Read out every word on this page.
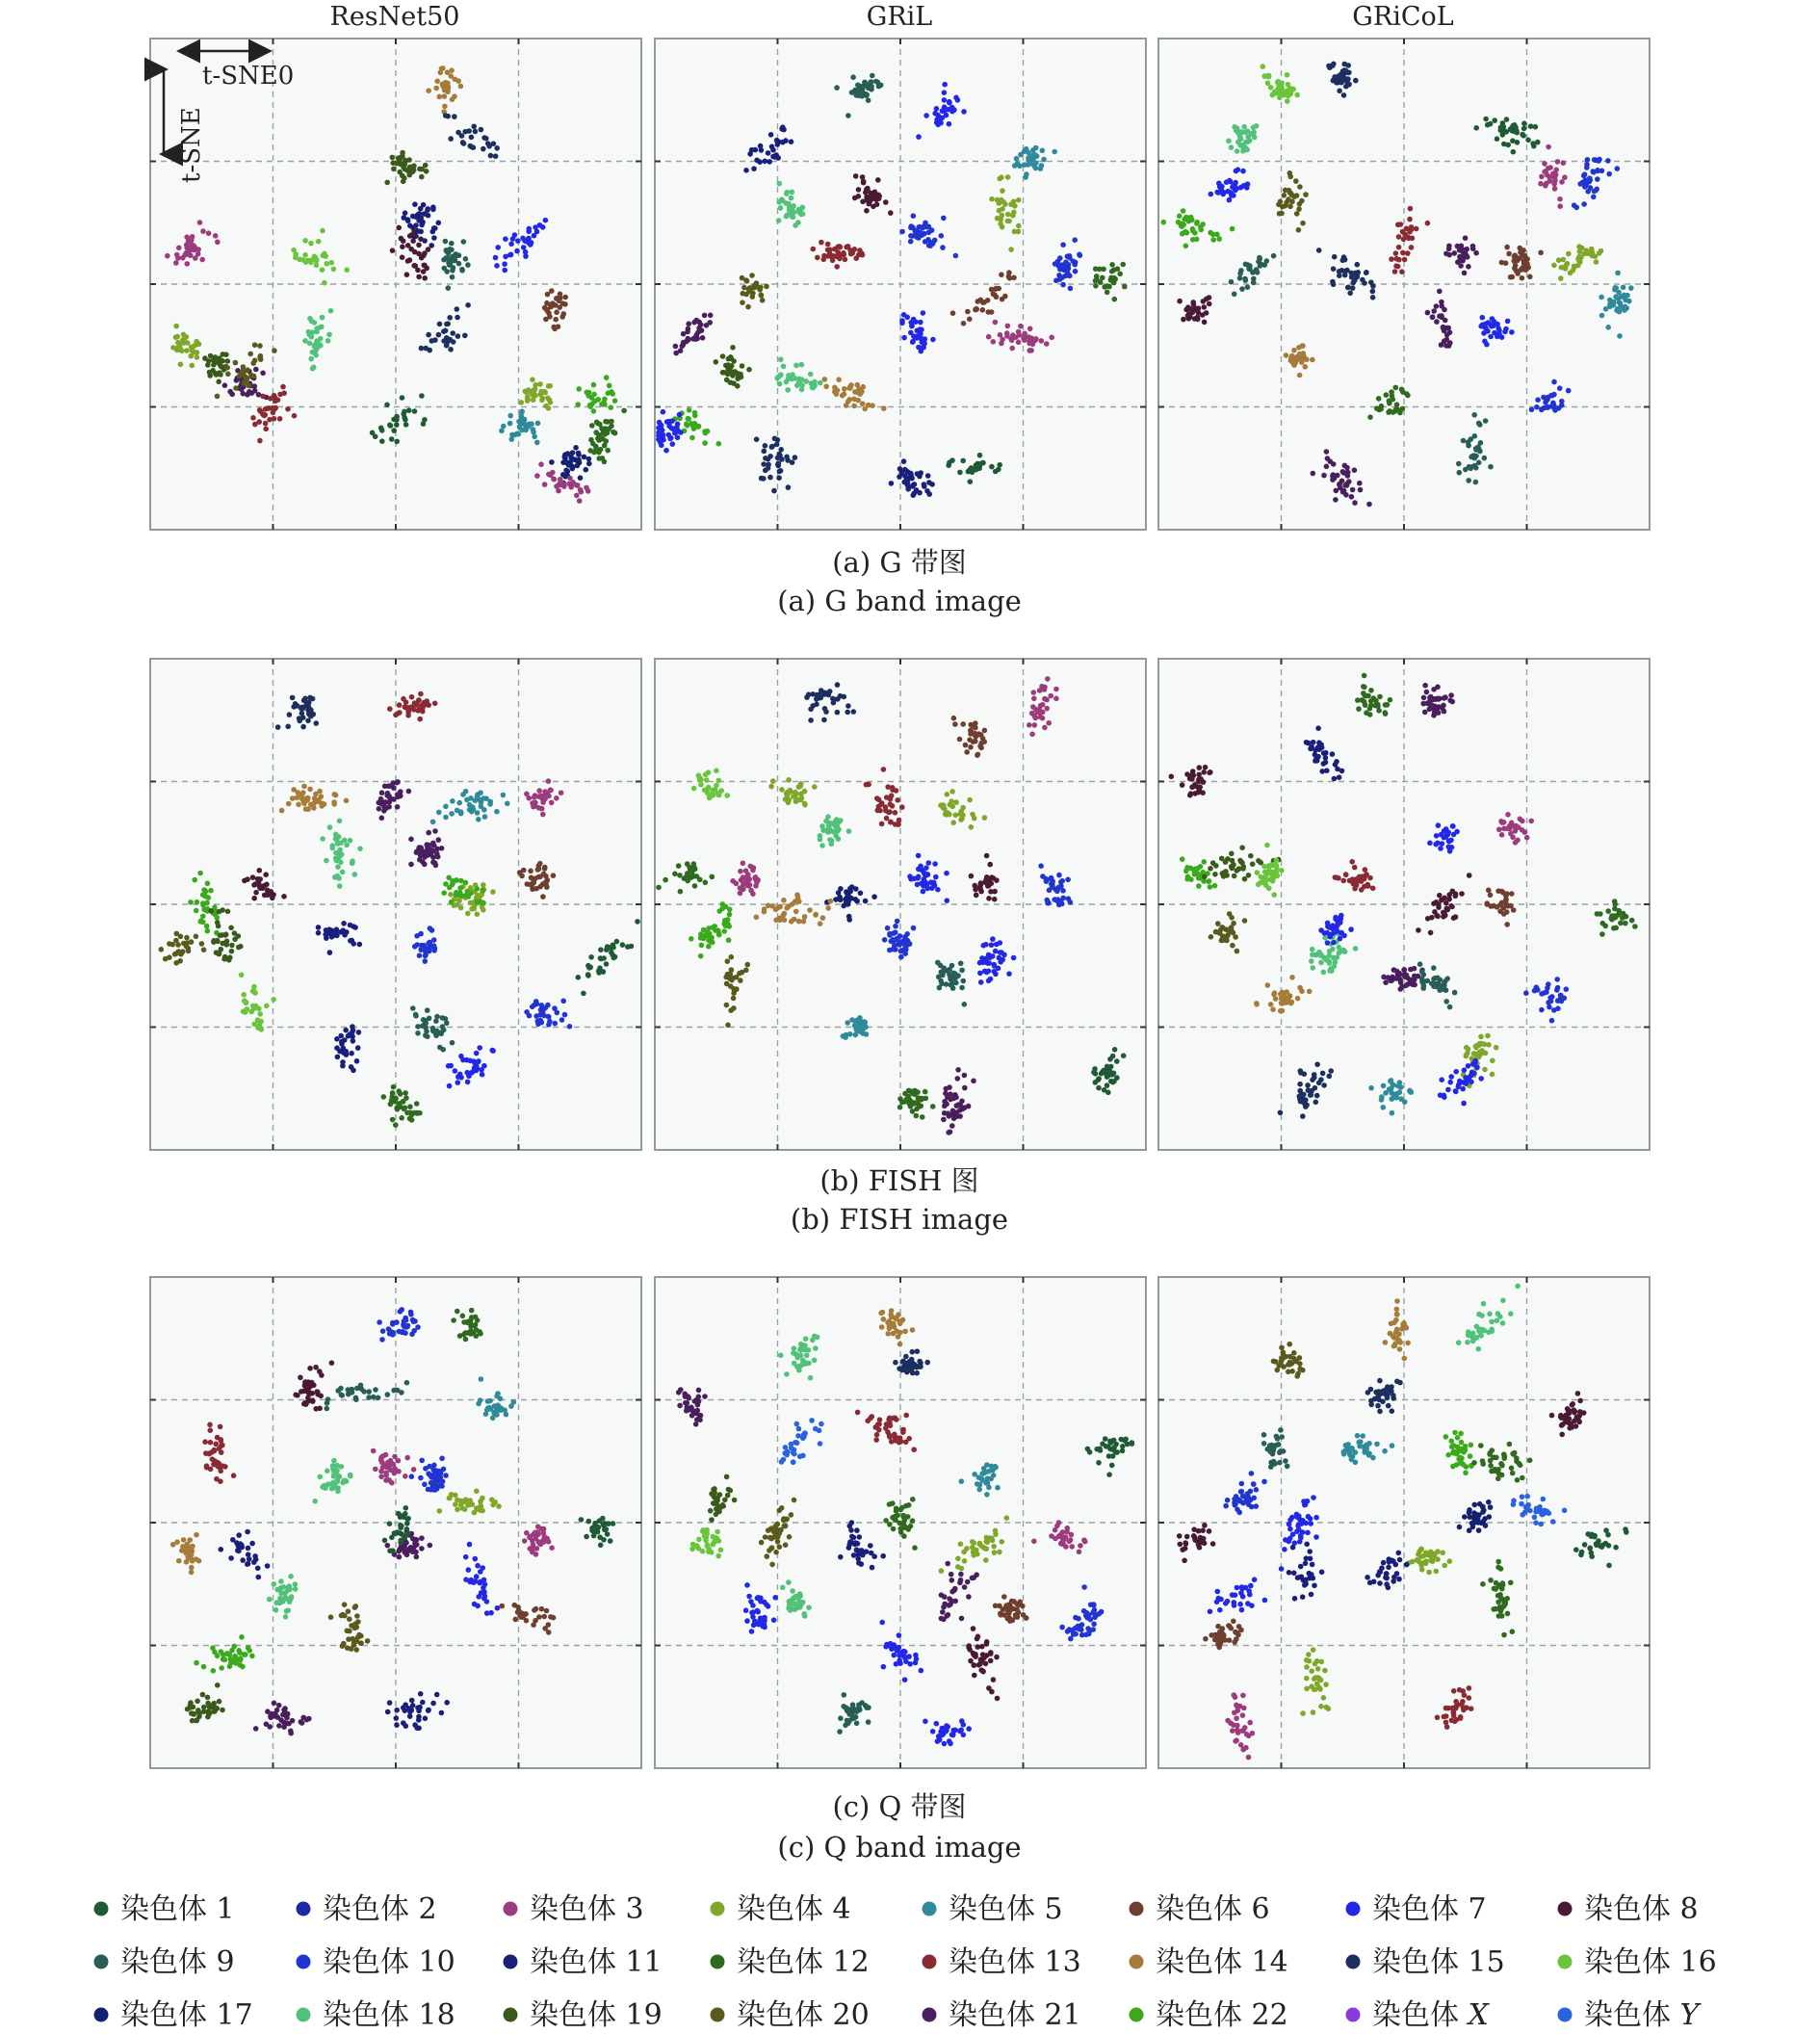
ResNet50	GRiL	GRiCoL
t-SNE0
t-SNE
(a) G 带图
(a) G band image
(b) FISH 图
(b) FISH image
(c) Q 带图
(c) Q band image
染色体 1	染色体 2	染色体 3	染色体 4	染色体 5	染色体 6	染色体 7	染色体 8
染色体 9	染色体 10	染色体 11	染色体 12	染色体 13	染色体 14	染色体 15	染色体 16
染色体 17 染色体 18	染色体 19	染色体 20	染色体 21	染色体 22	染色体 X	染色体 Y
